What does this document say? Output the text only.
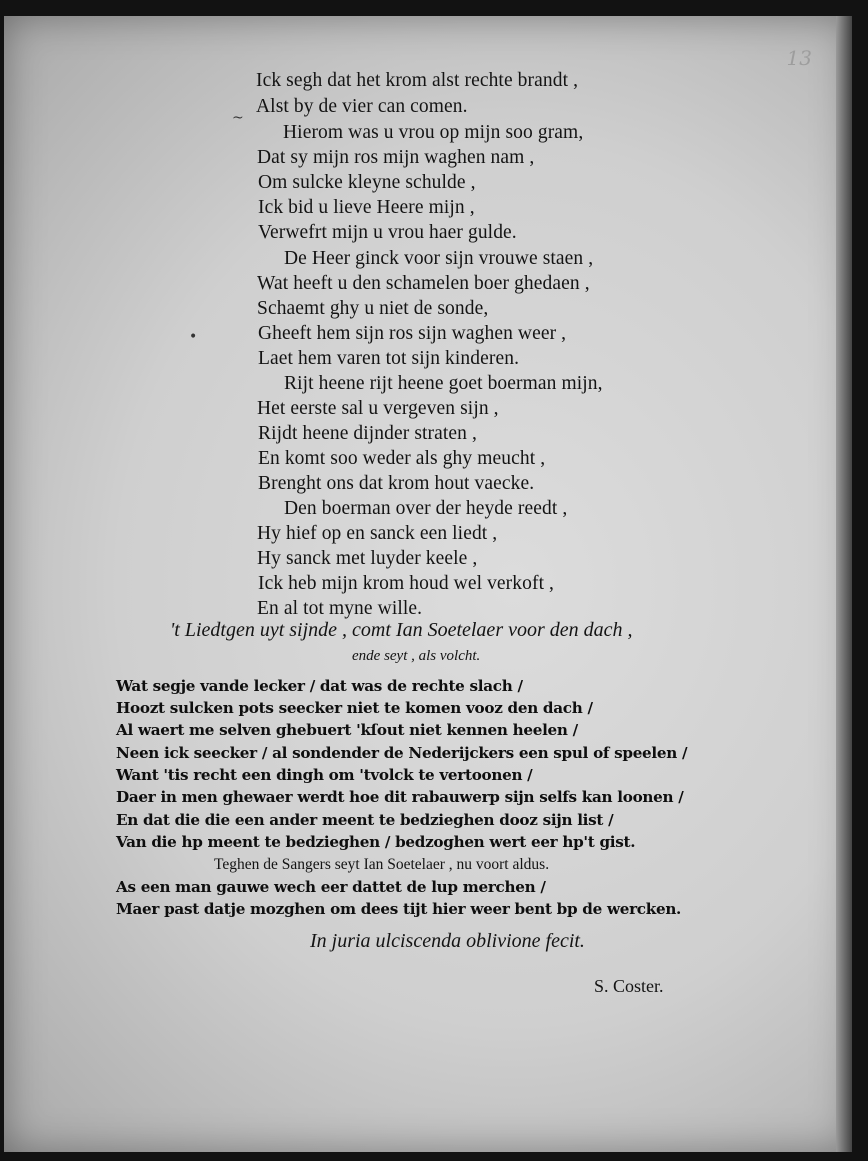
13
Ick segh dat het krom alst rechte brandt ,
Alst by de vier can comen.
Hierom was u vrou op mijn soo gram,
Dat sy mijn ros mijn waghen nam ,
Om sulcke kleyne schulde ,
Ick bid u lieve Heere mijn ,
Verwefrt mijn u vrou haer gulde.
De Heer ginck voor sijn vrouwe staen ,
Wat heeft u den schamelen boer ghedaen ,
Schaemt ghy u niet de sonde,
Gheeft hem sijn ros sijn waghen weer ,
Laet hem varen tot sijn kinderen.
Rijt heene rijt heene goet boerman mijn,
Het eerste sal u vergeven sijn ,
Rijdt heene dijnder straten ,
En komt soo weder als ghy meucht ,
Brenght ons dat krom hout vaecke.
Den boerman over der heyde reedt ,
Hy hief op en sanck een liedt ,
Hy sanck met luyder keele ,
Ick heb mijn krom houd wel verkoft ,
En al tot myne wille.
~
•
't Liedtgen uyt sijnde , comt Ian Soetelaer voor den dach ,
ende seyt , als volcht.
Wat segje vande lecker / dat was de rechte slach /
Hoozt sulcken pots seecker niet te komen vooz den dach /
Al waert me selven ghebuert 'kſout niet kennen heelen /
Neen ick seecker / al sondender de Nederijckers een spul of speelen /
Want 'tis recht een dingh om 'tvolck te vertoonen /
Daer in men ghewaer werdt hoe dit rabauwerp sijn selfs kan loonen /
En dat die die een ander meent te bedzieghen dooz sijn list /
Van die hp meent te bedzieghen / bedzoghen wert eer hp't gist.
Teghen de Sangers seyt Ian Soetelaer , nu voort aldus.
As een man gauwe wech eer dattet de lup merchen /
Maer past datje mozghen om dees tijt hier weer bent bp de wercken.
In juria ulciscenda oblivione fecit.
S. Coster.
